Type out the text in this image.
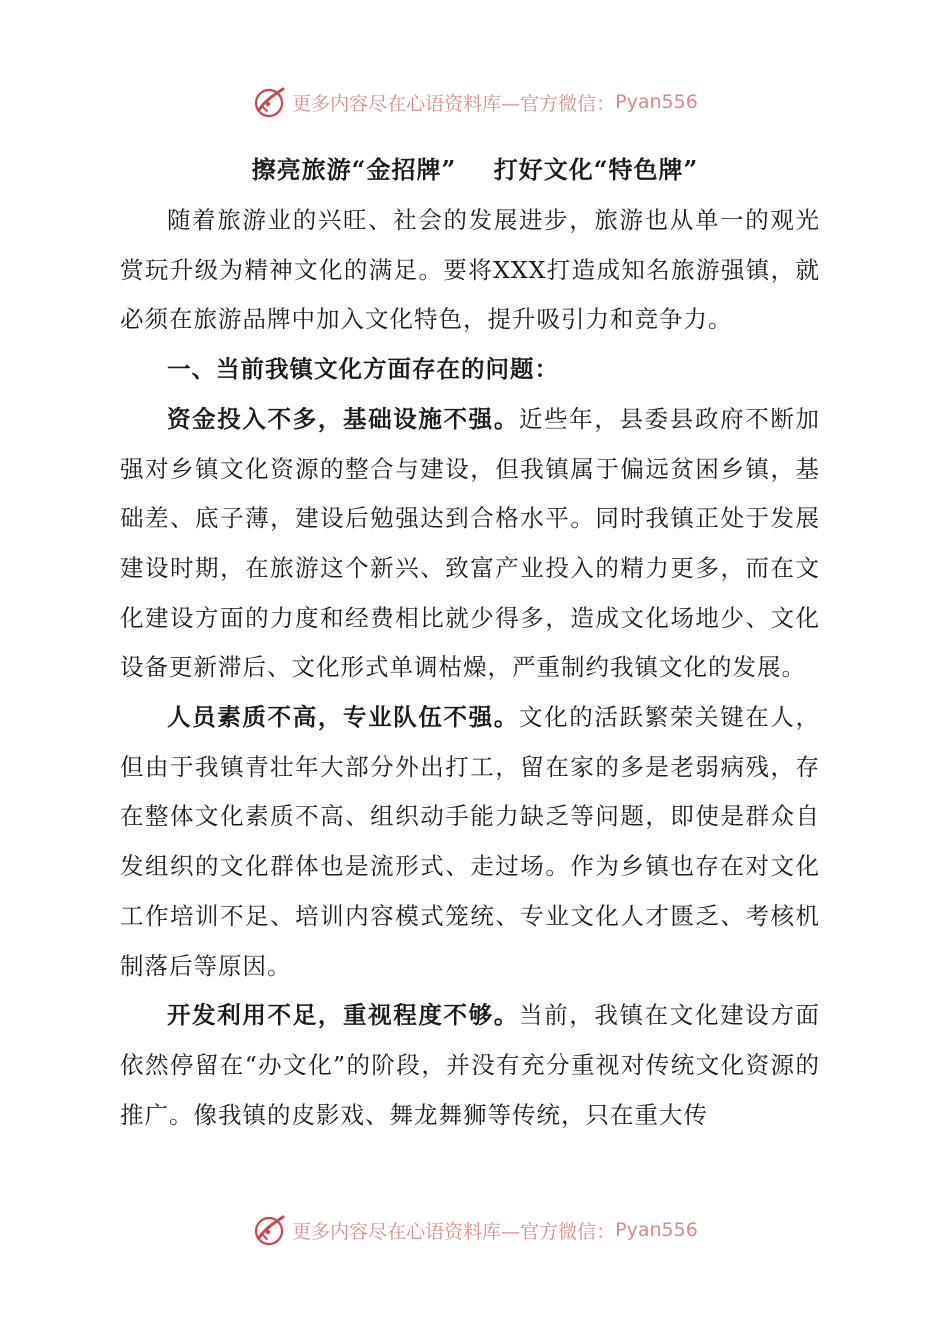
更多内容尽在心语资料库—官方微信： Pyan556
擦亮旅游“金招牌” 打好文化“特色牌”

随着旅游业的兴旺、社会的发展进步，旅游也从单一的观光赏玩升级为精神文化的满足。要将XXX打造成知名旅游强镇，就必须在旅游品牌中加入文化特色，提升吸引力和竞争力。

一、当前我镇文化方面存在的问题：

资金投入不多，基础设施不强。近些年，县委县政府不断加强对乡镇文化资源的整合与建设，但我镇属于偏远贫困乡镇，基础差、底子薄，建设后勉强达到合格水平。同时我镇正处于发展建设时期，在旅游这个新兴、致富产业投入的精力更多，而在文化建设方面的力度和经费相比就少得多，造成文化场地少、文化设备更新滞后、文化形式单调枯燥，严重制约我镇文化的发展。

人员素质不高，专业队伍不强。文化的活跃繁荣关键在人，但由于我镇青壮年大部分外出打工，留在家的多是老弱病残，存在整体文化素质不高、组织动手能力缺乏等问题，即使是群众自发组织的文化群体也是流形式、走过场。作为乡镇也存在对文化工作培训不足、培训内容模式笼统、专业文化人才匮乏、考核机制落后等原因。

开发利用不足，重视程度不够。当前，我镇在文化建设方面依然停留在“办文化”的阶段，并没有充分重视对传统文化资源的推广。像我镇的皮影戏、舞龙舞狮等传统，只在重大传

更多内容尽在心语资料库—官方微信： Pyan556
